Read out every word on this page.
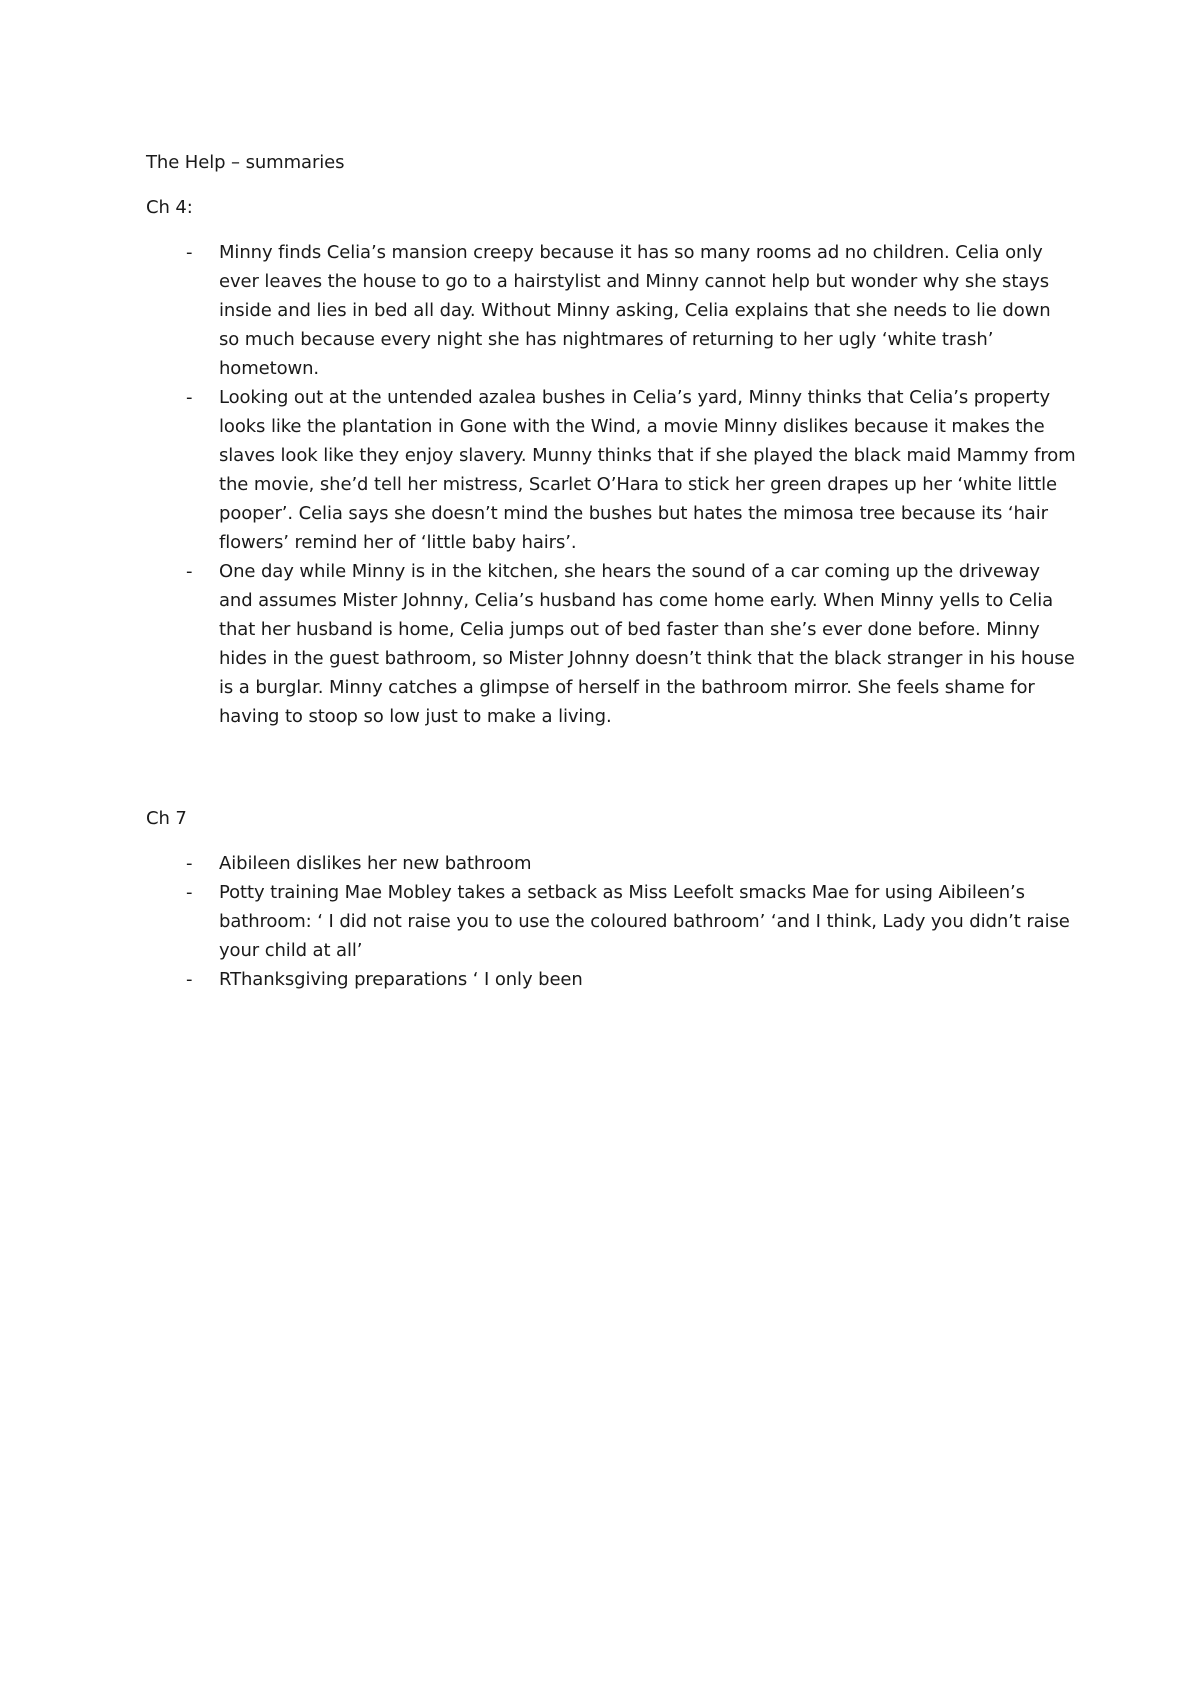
The Help – summaries

Ch 4:

- Minny finds Celia’s mansion creepy because it has so many rooms ad no children. Celia only ever leaves the house to go to a hairstylist and Minny cannot help but wonder why she stays inside and lies in bed all day. Without Minny asking, Celia explains that she needs to lie down so much because every night she has nightmares of returning to her ugly ‘white trash’ hometown.
- Looking out at the untended azalea bushes in Celia’s yard, Minny thinks that Celia’s property looks like the plantation in Gone with the Wind, a movie Minny dislikes because it makes the slaves look like they enjoy slavery. Munny thinks that if she played the black maid Mammy from the movie, she’d tell her mistress, Scarlet O’Hara to stick her green drapes up her ‘white little pooper’. Celia says she doesn’t mind the bushes but hates the mimosa tree because its ‘hair flowers’ remind her of ‘little baby hairs’.
- One day while Minny is in the kitchen, she hears the sound of a car coming up the driveway and assumes Mister Johnny, Celia’s husband has come home early. When Minny yells to Celia that her husband is home, Celia jumps out of bed faster than she’s ever done before. Minny hides in the guest bathroom, so Mister Johnny doesn’t think that the black stranger in his house is a burglar. Minny catches a glimpse of herself in the bathroom mirror. She feels shame for having to stoop so low just to make a living.

Ch 7

- Aibileen dislikes her new bathroom
- Potty training Mae Mobley takes a setback as Miss Leefolt smacks Mae for using Aibileen’s bathroom: ‘ I did not raise you to use the coloured bathroom’ ‘and I think, Lady you didn’t raise your child at all’
- RThanksgiving preparations ‘ I only been
